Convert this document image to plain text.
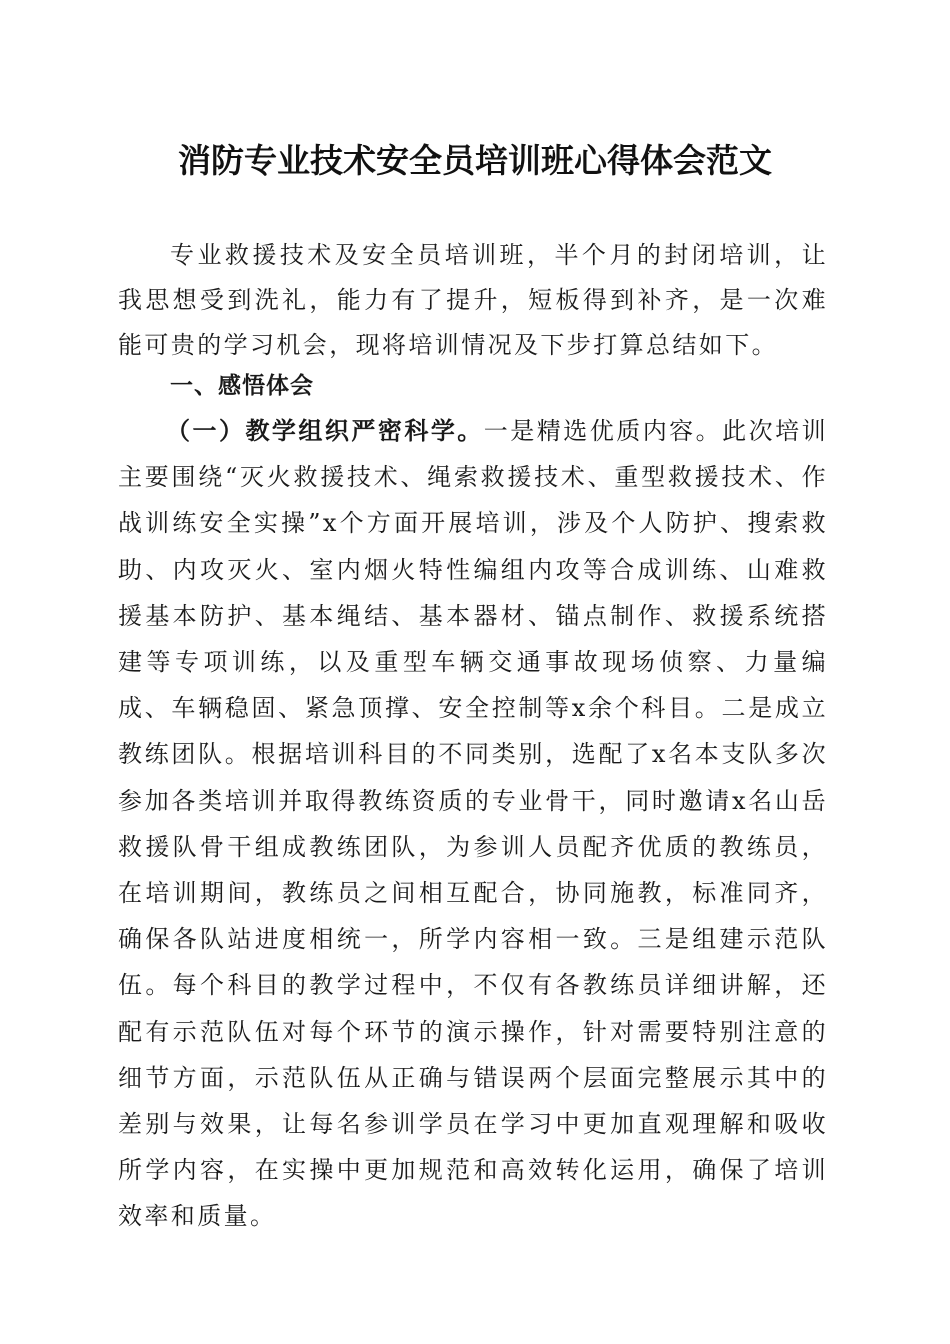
消防专业技术安全员培训班心得体会范文
专业救援技术及安全员培训班，半个月的封闭培训，让我思想受到洗礼，能力有了提升，短板得到补齐，是一次难能可贵的学习机会，现将培训情况及下步打算总结如下。
一、感悟体会
（一）教学组织严密科学。一是精选优质内容。此次培训主要围绕“灭火救援技术、绳索救援技术、重型救援技术、作战训练安全实操”x个方面开展培训，涉及个人防护、搜索救助、内攻灭火、室内烟火特性编组内攻等合成训练、山难救援基本防护、基本绳结、基本器材、锚点制作、救援系统搭建等专项训练，以及重型车辆交通事故现场侦察、力量编成、车辆稳固、紧急顶撑、安全控制等x余个科目。二是成立教练团队。根据培训科目的不同类别，选配了x名本支队多次参加各类培训并取得教练资质的专业骨干，同时邀请x名山岳救援队骨干组成教练团队，为参训人员配齐优质的教练员，在培训期间，教练员之间相互配合，协同施教，标准同齐，确保各队站进度相统一，所学内容相一致。三是组建示范队伍。每个科目的教学过程中，不仅有各教练员详细讲解，还配有示范队伍对每个环节的演示操作，针对需要特别注意的细节方面，示范队伍从正确与错误两个层面完整展示其中的差别与效果，让每名参训学员在学习中更加直观理解和吸收所学内容，在实操中更加规范和高效转化运用，确保了培训效率和质量。
